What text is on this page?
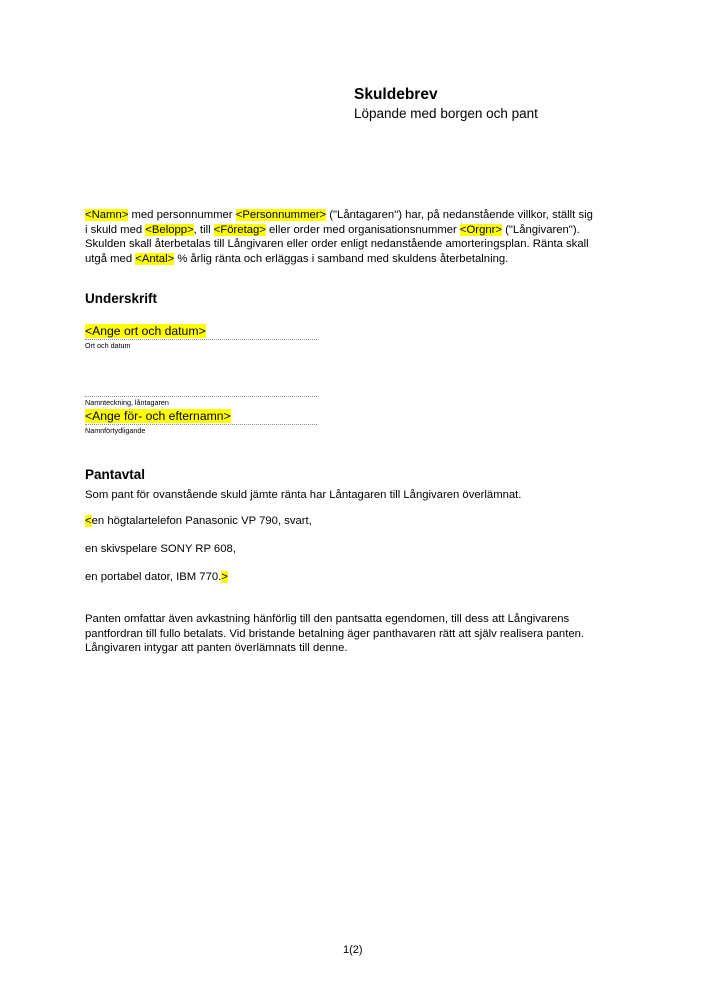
Skuldebrev
Löpande med borgen och pant
<Namn> med personnummer <Personnummer> ("Låntagaren") har, på nedanstående villkor, ställt sig
i skuld med <Belopp>, till <Företag> eller order med organisationsnummer <Orgnr> ("Långivaren").
Skulden skall återbetalas till Långivaren eller order enligt nedanstående amorteringsplan. Ränta skall
utgå med <Antal> % årlig ränta och erläggas i samband med skuldens återbetalning.
Underskrift
<Ange ort och datum>
Ort och datum
Namnteckning, låntagaren
<Ange för- och efternamn>
Namnförtydligande
Pantavtal
Som pant för ovanstående skuld jämte ränta har Låntagaren till Långivaren överlämnat.
<en högtalartelefon Panasonic VP 790, svart,
en skivspelare SONY RP 608,
en portabel dator, IBM 770.>
Panten omfattar även avkastning hänförlig till den pantsatta egendomen, till dess att Långivarens
pantfordran till fullo betalats. Vid bristande betalning äger panthavaren rätt att själv realisera panten.
Långivaren intygar att panten överlämnats till denne.
1(2)
